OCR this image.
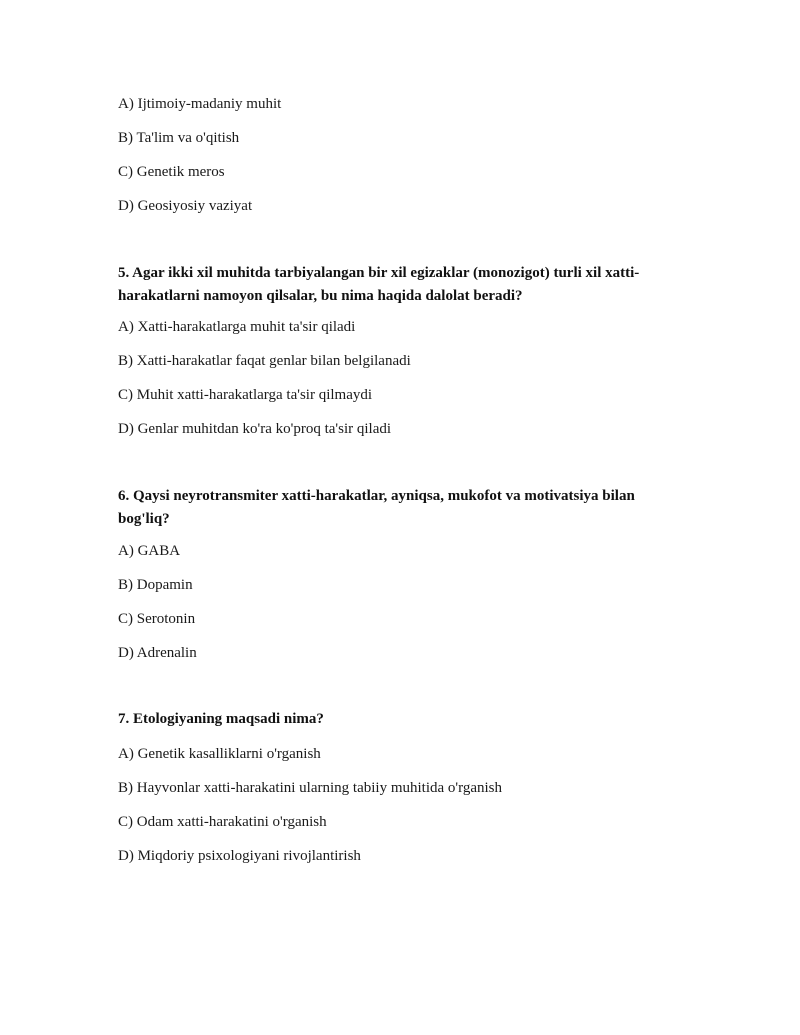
A) Ijtimoiy-madaniy muhit
B) Ta'lim va o'qitish
C) Genetik meros
D) Geosiyosiy vaziyat
5. Agar ikki xil muhitda tarbiyalangan bir xil egizaklar (monozigot) turli xil xatti-harakatlarni namoyon qilsalar, bu nima haqida dalolat beradi?
A) Xatti-harakatlarga muhit ta'sir qiladi
B) Xatti-harakatlar faqat genlar bilan belgilanadi
C) Muhit xatti-harakatlarga ta'sir qilmaydi
D) Genlar muhitdan ko'ra ko'proq ta'sir qiladi
6. Qaysi neyrotransmiter xatti-harakatlar, ayniqsa, mukofot va motivatsiya bilan bog'liq?
A) GABA
B) Dopamin
C) Serotonin
D) Adrenalin
7. Etologiyaning maqsadi nima?
A) Genetik kasalliklarni o'rganish
B) Hayvonlar xatti-harakatini ularning tabiiy muhitida o'rganish
C) Odam xatti-harakatini o'rganish
D) Miqdoriy psixologiyani rivojlantirish
